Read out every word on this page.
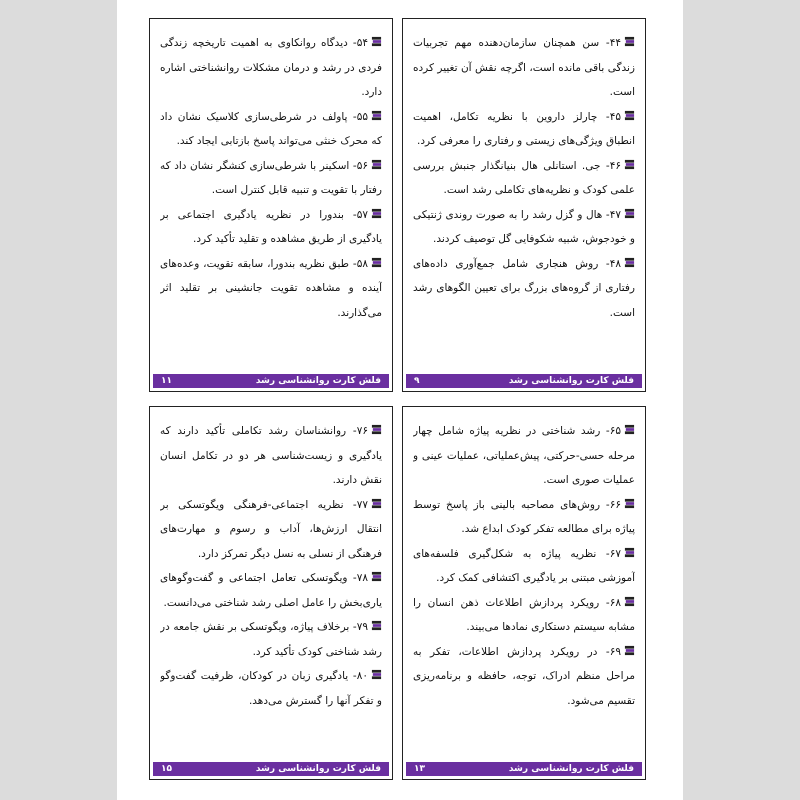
۴۴- سن همچنان سازمان‌دهنده مهم تجربیات زندگی باقی مانده است، اگرچه نقش آن تغییر کرده است.

۴۵- چارلز داروین با نظریه تکامل، اهمیت انطباق ویژگی‌های زیستی و رفتاری را معرفی کرد.

۴۶- جی. استانلی هال بنیانگذار جنبش بررسی علمی کودک و نظریه‌های تکاملی رشد است.

۴۷- هال و گزل رشد را به صورت روندی ژنتیکی و خودجوش، شبیه شکوفایی گل توصیف کردند.

۴۸- روش هنجاری شامل جمع‌آوری داده‌های رفتاری از گروه‌های بزرگ برای تعیین الگوهای رشد است.

فلش کارت روانشناسی رشد
۹

۵۴- دیدگاه روانکاوی به اهمیت تاریخچه زندگی فردی در رشد و درمان مشکلات روانشناختی اشاره دارد.

۵۵- پاولف در شرطی‌سازی کلاسیک نشان داد که محرک خنثی می‌تواند پاسخ بازتابی ایجاد کند.

۵۶- اسکینر با شرطی‌سازی کنشگر نشان داد که رفتار با تقویت و تنبیه قابل کنترل است.

۵۷- بندورا در نظریه یادگیری اجتماعی بر یادگیری از طریق مشاهده و تقلید تأکید کرد.

۵۸- طبق نظریه بندورا، سابقه تقویت، وعده‌های آینده و مشاهده تقویت جانشینی بر تقلید اثر می‌گذارند.

فلش کارت روانشناسی رشد
۱۱

۶۵- رشد شناختی در نظریه پیاژه شامل چهار مرحله حسی-حرکتی، پیش‌عملیاتی، عملیات عینی و عملیات صوری است.

۶۶- روش‌های مصاحبه بالینی باز پاسخ توسط پیاژه برای مطالعه تفکر کودک ابداع شد.

۶۷- نظریه پیاژه به شکل‌گیری فلسفه‌های آموزشی مبتنی بر یادگیری اکتشافی کمک کرد.

۶۸- رویکرد پردازش اطلاعات ذهن انسان را مشابه سیستم دستکاری نمادها می‌بیند.

۶۹- در رویکرد پردازش اطلاعات، تفکر به مراحل منظم ادراک، توجه، حافظه و برنامه‌ریزی تقسیم می‌شود.

فلش کارت روانشناسی رشد
۱۳

۷۶- روانشناسان رشد تکاملی تأکید دارند که یادگیری و زیست‌شناسی هر دو در تکامل انسان نقش دارند.

۷۷- نظریه اجتماعی-فرهنگی ویگوتسکی بر انتقال ارزش‌ها، آداب و رسوم و مهارت‌های فرهنگی از نسلی به نسل دیگر تمرکز دارد.

۷۸- ویگوتسکی تعامل اجتماعی و گفت‌وگوهای یاری‌بخش را عامل اصلی رشد شناختی می‌دانست.

۷۹- برخلاف پیاژه، ویگوتسکی بر نقش جامعه در رشد شناختی کودک تأکید کرد.

۸۰- یادگیری زبان در کودکان، ظرفیت گفت‌وگو و تفکر آنها را گسترش می‌دهد.

فلش کارت روانشناسی رشد
۱۵
